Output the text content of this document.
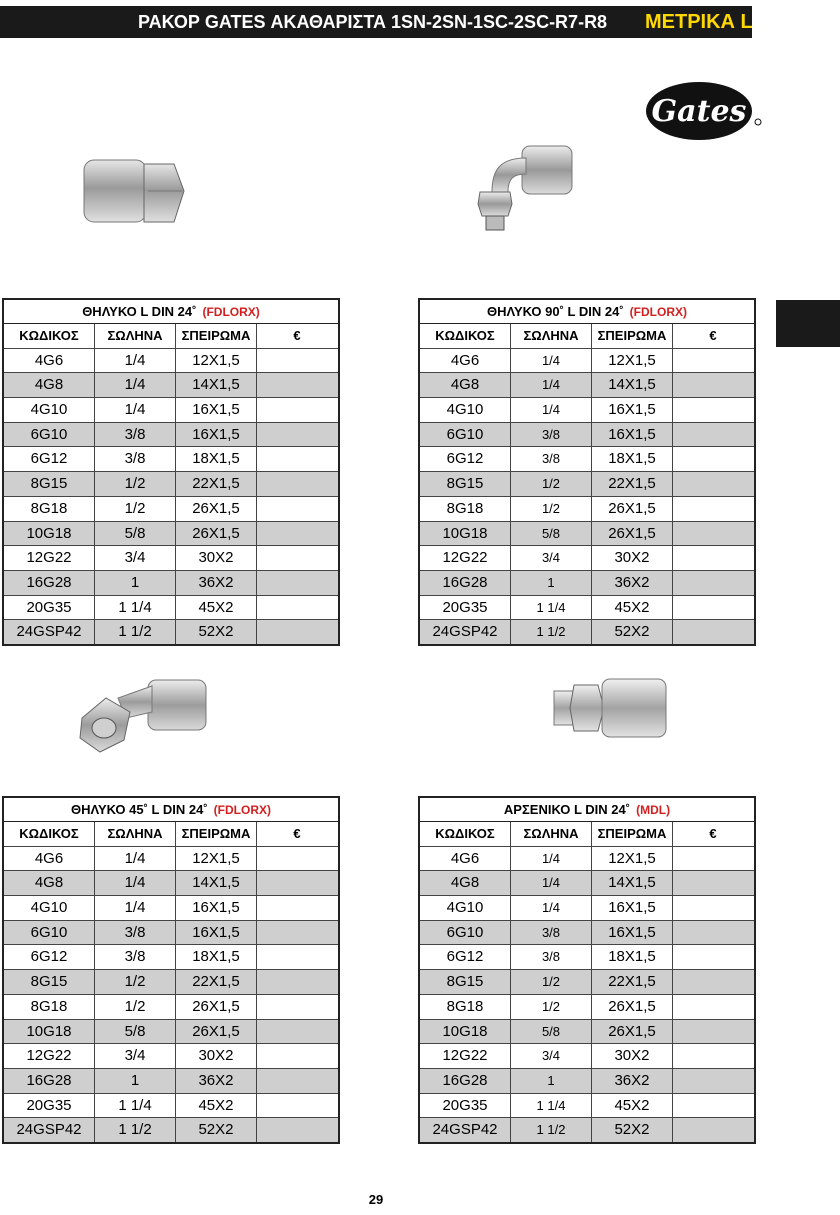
ΡΑΚΟΡ GATES ΑΚΑΘΑΡΙΣΤΑ 1SN-2SN-1SC-2SC-R7-R8 ΜΕΤΡΙΚΑ L
Gates
ΘΗΛΥΚΟ L DIN 24˚ (FDLORX)
ΚΩΔΙΚΟΣ	ΣΩΛΗΝΑ	ΣΠΕΙΡΩΜΑ	€
4G6	1/4	12X1,5
4G8	1/4	14X1,5
4G10	1/4	16X1,5
6G10	3/8	16X1,5
6G12	3/8	18X1,5
8G15	1/2	22X1,5
8G18	1/2	26X1,5
10G18	5/8	26X1,5
12G22	3/4	30X2
16G28	1	36X2
20G35	1 1/4	45X2
24GSP42	1 1/2	52X2
ΘΗΛΥΚΟ 90˚ L DIN 24˚ (FDLORX)
ΚΩΔΙΚΟΣ	ΣΩΛΗΝΑ	ΣΠΕΙΡΩΜΑ	€
4G6	1/4	12X1,5
4G8	1/4	14X1,5
4G10	1/4	16X1,5
6G10	3/8	16X1,5
6G12	3/8	18X1,5
8G15	1/2	22X1,5
8G18	1/2	26X1,5
10G18	5/8	26X1,5
12G22	3/4	30X2
16G28	1	36X2
20G35	1 1/4	45X2
24GSP42	1 1/2	52X2
ΘΗΛΥΚΟ 45˚ L DIN 24˚ (FDLORX)
ΚΩΔΙΚΟΣ	ΣΩΛΗΝΑ	ΣΠΕΙΡΩΜΑ	€
4G6	1/4	12X1,5
4G8	1/4	14X1,5
4G10	1/4	16X1,5
6G10	3/8	16X1,5
6G12	3/8	18X1,5
8G15	1/2	22X1,5
8G18	1/2	26X1,5
10G18	5/8	26X1,5
12G22	3/4	30X2
16G28	1	36X2
20G35	1 1/4	45X2
24GSP42	1 1/2	52X2
ΑΡΣΕΝΙΚΟ L DIN 24˚ (MDL)
ΚΩΔΙΚΟΣ	ΣΩΛΗΝΑ	ΣΠΕΙΡΩΜΑ	€
4G6	1/4	12X1,5
4G8	1/4	14X1,5
4G10	1/4	16X1,5
6G10	3/8	16X1,5
6G12	3/8	18X1,5
8G15	1/2	22X1,5
8G18	1/2	26X1,5
10G18	5/8	26X1,5
12G22	3/4	30X2
16G28	1	36X2
20G35	1 1/4	45X2
24GSP42	1 1/2	52X2
29
